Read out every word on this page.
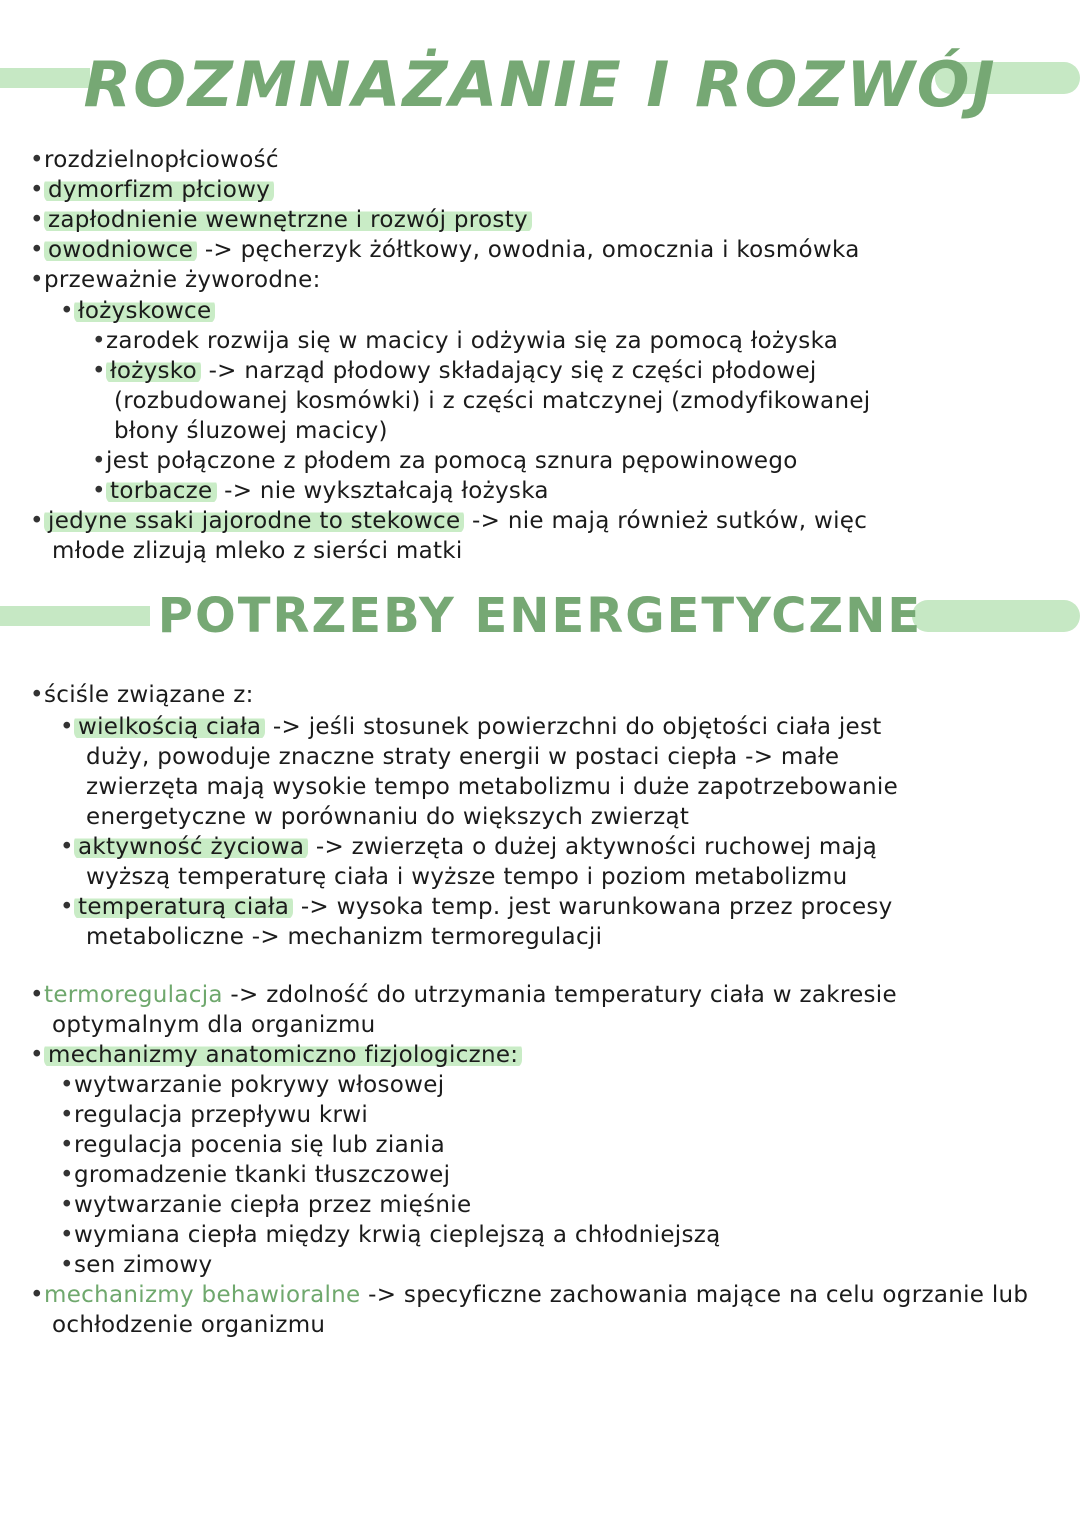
ROZMNAŻANIE I ROZWÓJ
•rozdzielnopłciowość
• dymorfizm płciowy
• zapłodnienie wewnętrzne i rozwój prosty
• owodniowce -> pęcherzyk żółtkowy, owodnia, omocznia i kosmówka
•przeważnie żyworodne:
• łożyskowce
•zarodek rozwija się w macicy i odżywia się za pomocą łożyska
• łożysko -> narząd płodowy składający się z części płodowej
(rozbudowanej kosmówki) i z części matczynej (zmodyfikowanej
błony śluzowej macicy)
•jest połączone z płodem za pomocą sznura pępowinowego
• torbacze -> nie wykształcają łożyska
• jedyne ssaki jajorodne to stekowce -> nie mają również sutków, więc
młode zlizują mleko z sierści matki
POTRZEBY ENERGETYCZNE
•ściśle związane z:
• wielkością ciała -> jeśli stosunek powierzchni do objętości ciała jest
duży, powoduje znaczne straty energii w postaci ciepła -> małe
zwierzęta mają wysokie tempo metabolizmu i duże zapotrzebowanie
energetyczne w porównaniu do większych zwierząt
• aktywność życiowa -> zwierzęta o dużej aktywności ruchowej mają
wyższą temperaturę ciała i wyższe tempo i poziom metabolizmu
• temperaturą ciała -> wysoka temp. jest warunkowana przez procesy
metaboliczne -> mechanizm termoregulacji
•termoregulacja -> zdolność do utrzymania temperatury ciała w zakresie
optymalnym dla organizmu
• mechanizmy anatomiczno fizjologiczne:
•wytwarzanie pokrywy włosowej
•regulacja przepływu krwi
•regulacja pocenia się lub ziania
•gromadzenie tkanki tłuszczowej
•wytwarzanie ciepła przez mięśnie
•wymiana ciepła między krwią cieplejszą a chłodniejszą
•sen zimowy
•mechanizmy behawioralne -> specyficzne zachowania mające na celu ogrzanie lub
ochłodzenie organizmu
